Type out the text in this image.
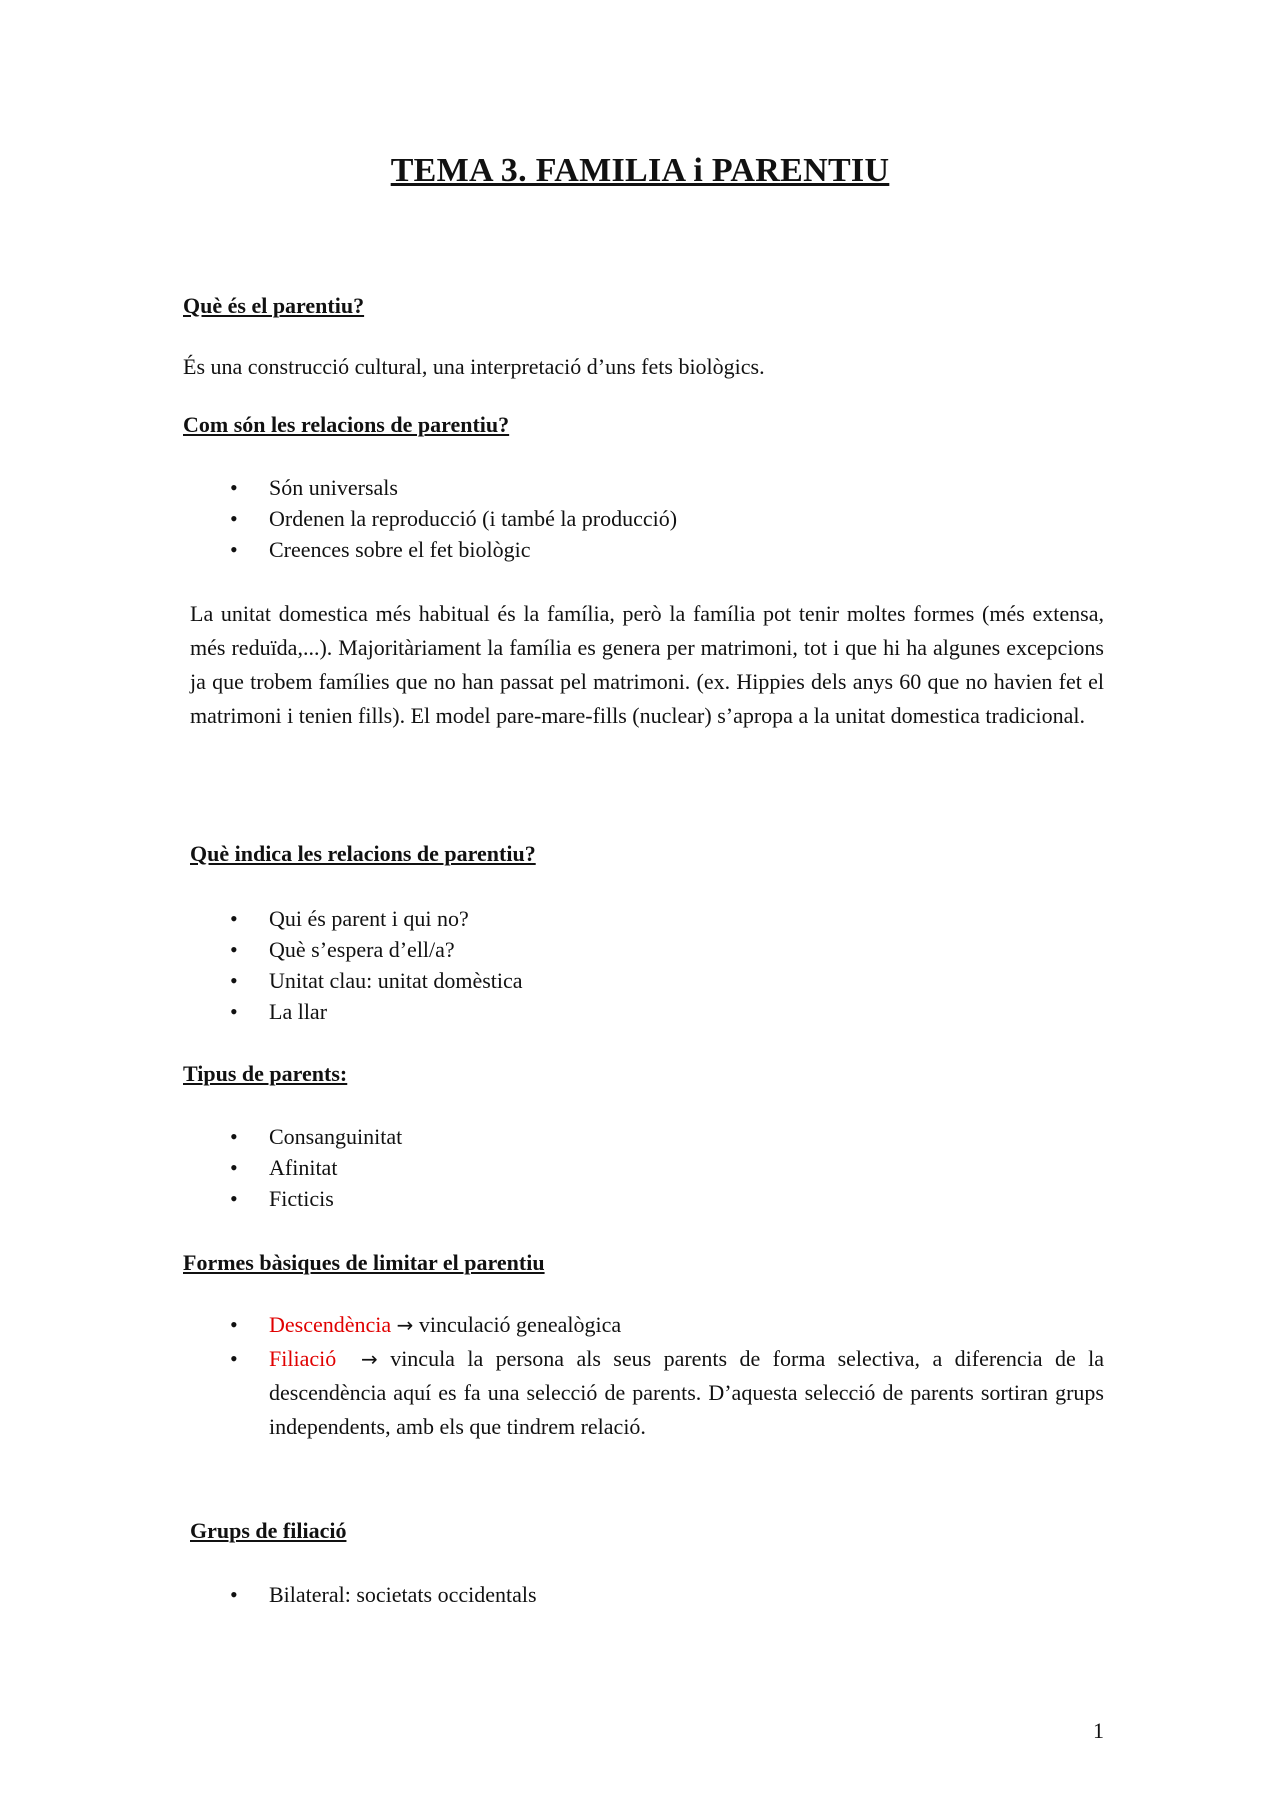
TEMA 3. FAMILIA i PARENTIU
Què és el parentiu?
És una construcció cultural, una interpretació d’uns fets biològics.
Com són les relacions de parentiu?
• Són universals
• Ordenen la reproducció (i també la producció)
• Creences sobre el fet biològic
La unitat domestica més habitual és la família, però la família pot tenir moltes formes (més extensa, més reduïda,...). Majoritàriament la família es genera per matrimoni, tot i que hi ha algunes excepcions ja que trobem famílies que no han passat pel matrimoni. (ex. Hippies dels anys 60 que no havien fet el matrimoni i tenien fills). El model pare-mare-fills (nuclear) s’apropa a la unitat domestica tradicional.
Què indica les relacions de parentiu?
• Qui és parent i qui no?
• Què s’espera d’ell/a?
• Unitat clau: unitat domèstica
• La llar
Tipus de parents:
• Consanguinitat
• Afinitat
• Ficticis
Formes bàsiques de limitar el parentiu
• Descendència → vinculació genealògica
• Filiació → vincula la persona als seus parents de forma selectiva, a diferencia de la descendència aquí es fa una selecció de parents. D’aquesta selecció de parents sortiran grups independents, amb els que tindrem relació.
Grups de filiació
• Bilateral: societats occidentals
1
